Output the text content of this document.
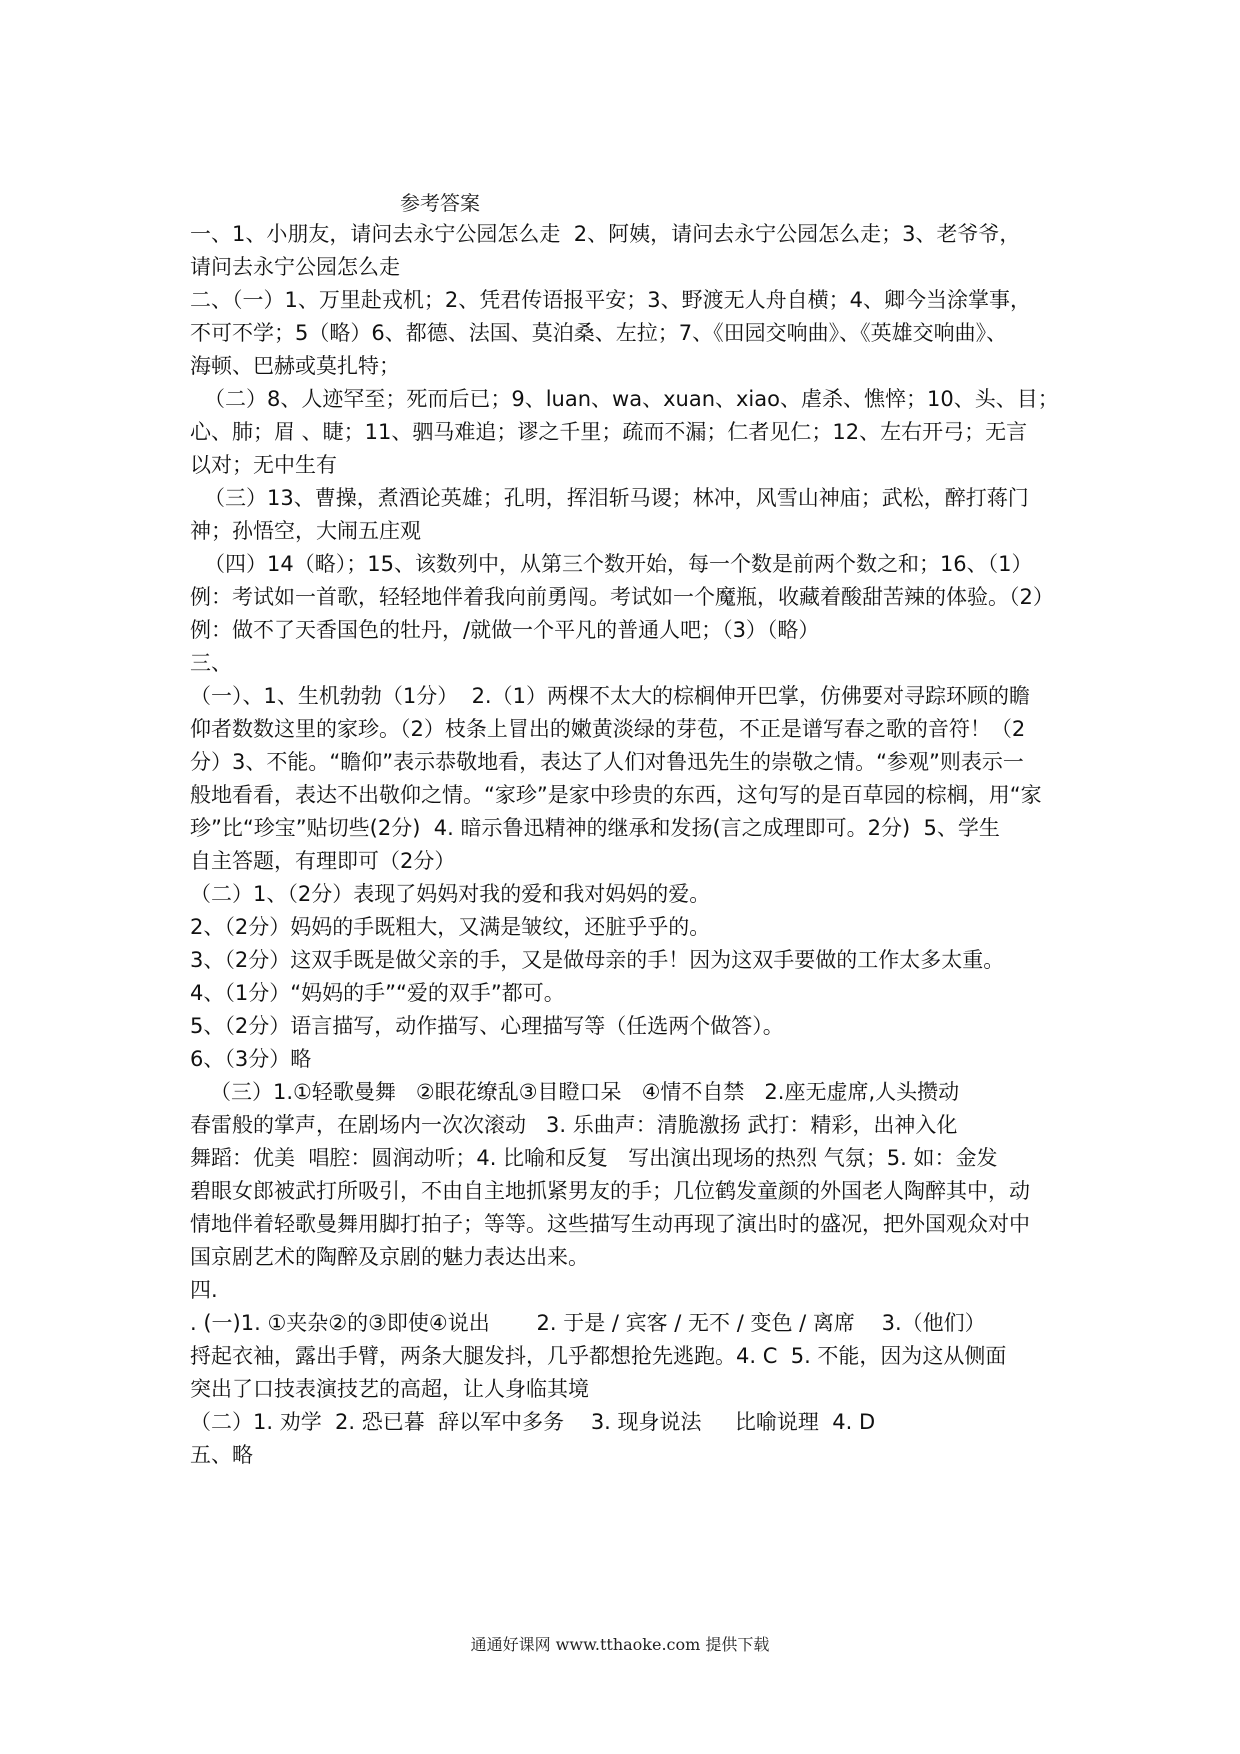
参考答案
一、1、小朋友，请问去永宁公园怎么走  2、阿姨，请问去永宁公园怎么走；3、老爷爷，
请问去永宁公园怎么走
二、（一）1、万里赴戎机；2、凭君传语报平安；3、野渡无人舟自横；4、卿今当涂掌事，
不可不学；5（略）6、都德、法国、莫泊桑、左拉；7、《田园交响曲》、《英雄交响曲》、
海顿、巴赫或莫扎特；
（二）8、人迹罕至；死而后已；9、luan、wa、xuan、xiao、虐杀、憔悴；10、头、目；
心、肺；眉 、睫；11、驷马难追；谬之千里；疏而不漏；仁者见仁；12、左右开弓；无言
以对；无中生有
（三）13、曹操，煮酒论英雄；孔明，挥泪斩马谡；林冲，风雪山神庙；武松，醉打蒋门
神；孙悟空，大闹五庄观
（四）14（略）；15、该数列中，从第三个数开始，每一个数是前两个数之和；16、（1）
例：考试如一首歌，轻轻地伴着我向前勇闯。考试如一个魔瓶，收藏着酸甜苦辣的体验。（2）
例：做不了天香国色的牡丹，/就做一个平凡的普通人吧；（3）（略）
三、
（一）、1、生机勃勃（1分）  2.（1）两棵不太大的棕榈伸开巴掌，仿佛要对寻踪环顾的瞻
仰者数数这里的家珍。（2）枝条上冒出的嫩黄淡绿的芽苞，不正是谱写春之歌的音符！（2
分）3、不能。“瞻仰”表示恭敬地看，表达了人们对鲁迅先生的崇敬之情。“参观”则表示一
般地看看，表达不出敬仰之情。“家珍”是家中珍贵的东西，这句写的是百草园的棕榈，用“家
珍”比“珍宝”贴切些(2分)  4. 暗示鲁迅精神的继承和发扬(言之成理即可。2分)  5、学生
自主答题，有理即可（2分）
（二）1、（2分）表现了妈妈对我的爱和我对妈妈的爱。
2、（2分）妈妈的手既粗大，又满是皱纹，还脏乎乎的。
3、（2分）这双手既是做父亲的手，又是做母亲的手！因为这双手要做的工作太多太重。
4、（1分）“妈妈的手”“爱的双手”都可。
5、（2分）语言描写，动作描写、心理描写等（任选两个做答）。
6、（3分）略
（三）1.①轻歌曼舞   ②眼花缭乱③目瞪口呆   ④情不自禁   2.座无虚席,人头攒动
春雷般的掌声，在剧场内一次次滚动   3. 乐曲声：清脆激扬 武打：精彩，出神入化
舞蹈：优美  唱腔：圆润动听；4. 比喻和反复   写出演出现场的热烈 气氛；5. 如：金发
碧眼女郎被武打所吸引，不由自主地抓紧男友的手；几位鹤发童颜的外国老人陶醉其中，动
情地伴着轻歌曼舞用脚打拍子；等等。这些描写生动再现了演出时的盛况，把外国观众对中
国京剧艺术的陶醉及京剧的魅力表达出来。
四.
. (一)1. ①夹杂②的③即使④说出       2. 于是 / 宾客 / 无不 / 变色 / 离席    3.（他们）
捋起衣袖，露出手臂，两条大腿发抖，几乎都想抢先逃跑。4. C  5. 不能，因为这从侧面
突出了口技表演技艺的高超，让人身临其境
（二）1. 劝学  2. 恐已暮  辞以军中多务    3. 现身说法     比喻说理  4. D
五、略
通通好课网 www.tthaoke.com 提供下载
